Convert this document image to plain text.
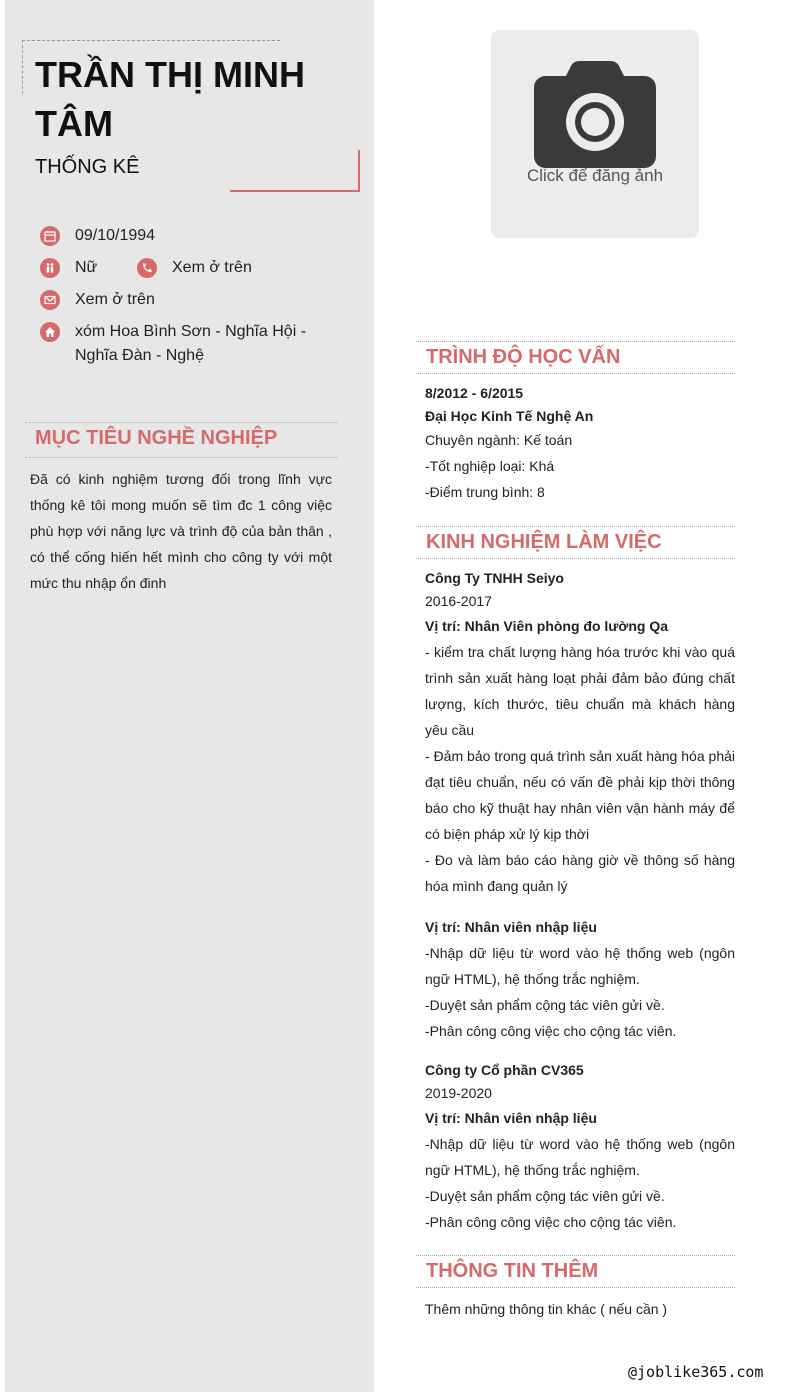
TRẦN THỊ MINH TÂM
THỐNG KÊ
09/10/1994
Nữ	Xem ở trên
Xem ở trên
xóm Hoa Bình Sơn - Nghĩa Hội - Nghĩa Đàn - Nghệ
MỤC TIÊU NGHỀ NGHIỆP
Đã có kinh nghiệm tương đối trong lĩnh vực thống kê tôi mong muốn sẽ tìm đc 1 công việc phù hợp với năng lực và trình độ của bản thân , có thể cống hiến hết mình cho công ty với một mức thu nhập ổn đinh
Click để đăng ảnh
TRÌNH ĐỘ HỌC VẤN

8/2012 - 6/2015

Đại Học Kinh Tế Nghệ An

Chuyên ngành: Kế toán

-Tốt nghiệp loại: Khá

-Điểm trung bình: 8

KINH NGHIỆM LÀM VIỆC

Công Ty TNHH Seiyo

2016-2017

Vị trí: Nhân Viên phòng đo lường Qa

- kiểm tra chất lượng hàng hóa trước khi vào quá trình sản xuất hàng loạt phải đảm bảo đúng chất lượng, kích thước, tiêu chuẩn mà khách hàng yêu cầu

- Đảm bảo trong quá trình sản xuất hàng hóa phải đạt tiêu chuẩn, nếu có vấn đề phải kịp thời thông báo cho kỹ thuật hay nhân viên vận hành máy để có biện pháp xử lý kịp thời

- Đo và làm báo cáo hàng giờ về thông số hàng hóa mình đang quản lý

Vị trí: Nhân viên nhập liệu

-Nhập dữ liệu từ word vào hệ thống web (ngôn ngữ HTML), hệ thống trắc nghiệm.

-Duyệt sản phẩm cộng tác viên gửi về.

-Phân công công việc cho cộng tác viên.

Công ty Cổ phần CV365

2019-2020

Vị trí: Nhân viên nhập liệu

-Nhập dữ liệu từ word vào hệ thống web (ngôn ngữ HTML), hệ thống trắc nghiệm.

-Duyệt sản phẩm cộng tác viên gửi về.

-Phân công công việc cho cộng tác viên.

THÔNG TIN THÊM
Thêm những thông tin khác ( nếu cần )
@joblike365.com
